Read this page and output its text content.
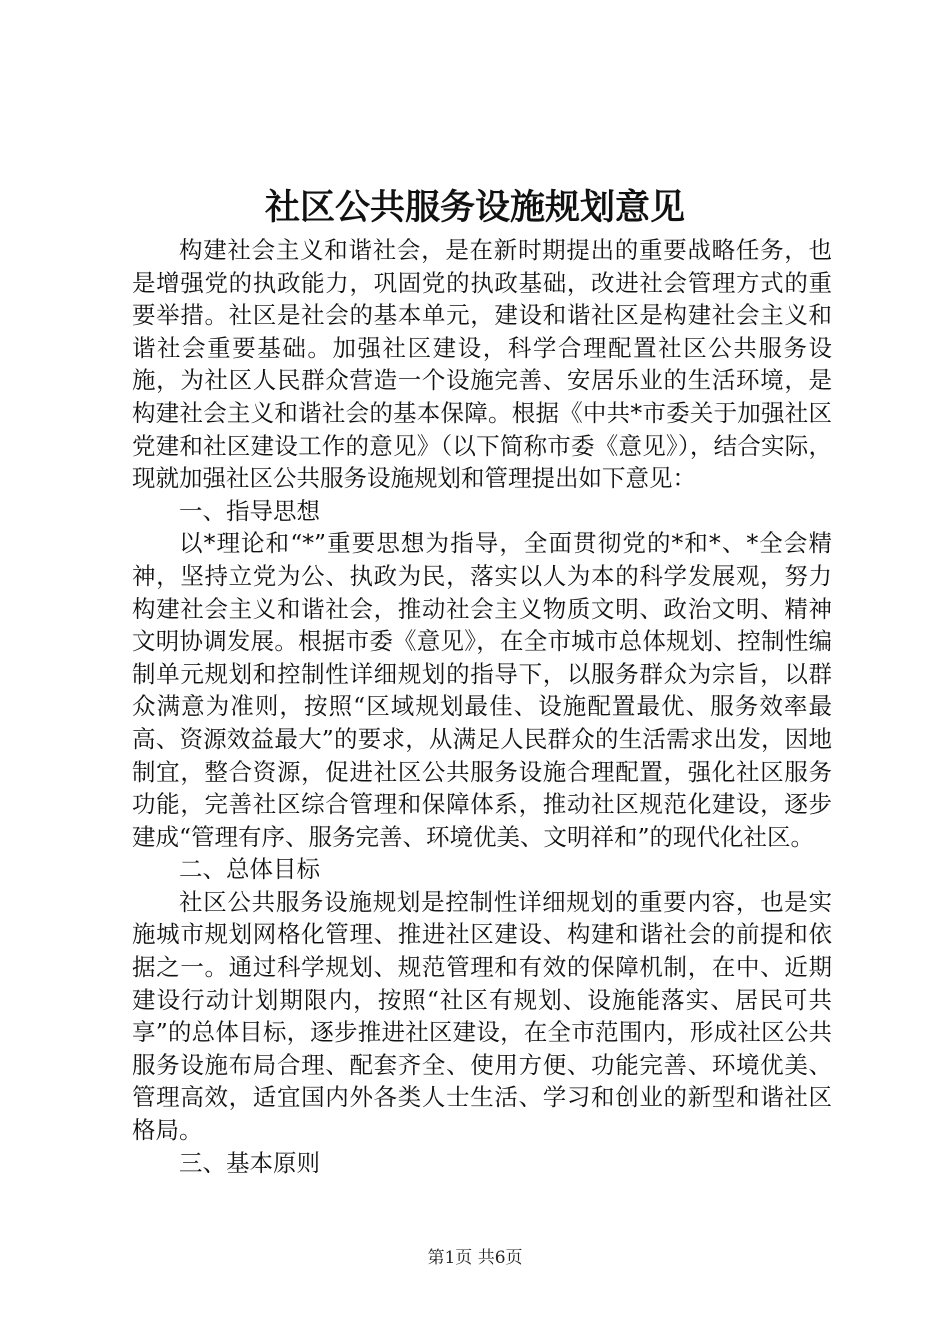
社区公共服务设施规划意见

构建社会主义和谐社会，是在新时期提出的重要战略任务，也是增强党的执政能力，巩固党的执政基础，改进社会管理方式的重要举措。社区是社会的基本单元，建设和谐社区是构建社会主义和谐社会重要基础。加强社区建设，科学合理配置社区公共服务设施，为社区人民群众营造一个设施完善、安居乐业的生活环境，是构建社会主义和谐社会的基本保障。根据《中共*市委关于加强社区党建和社区建设工作的意见》（以下简称市委《意见》），结合实际，现就加强社区公共服务设施规划和管理提出如下意见：

一、指导思想

以*理论和“*”重要思想为指导，全面贯彻党的*和*、*全会精神，坚持立党为公、执政为民，落实以人为本的科学发展观，努力构建社会主义和谐社会，推动社会主义物质文明、政治文明、精神文明协调发展。根据市委《意见》，在全市城市总体规划、控制性编制单元规划和控制性详细规划的指导下，以服务群众为宗旨，以群众满意为准则，按照“区域规划最佳、设施配置最优、服务效率最高、资源效益最大”的要求，从满足人民群众的生活需求出发，因地制宜，整合资源，促进社区公共服务设施合理配置，强化社区服务功能，完善社区综合管理和保障体系，推动社区规范化建设，逐步建成“管理有序、服务完善、环境优美、文明祥和”的现代化社区。

二、总体目标

社区公共服务设施规划是控制性详细规划的重要内容，也是实施城市规划网格化管理、推进社区建设、构建和谐社会的前提和依据之一。通过科学规划、规范管理和有效的保障机制，在中、近期建设行动计划期限内，按照“社区有规划、设施能落实、居民可共享”的总体目标，逐步推进社区建设，在全市范围内，形成社区公共服务设施布局合理、配套齐全、使用方便、功能完善、环境优美、管理高效，适宜国内外各类人士生活、学习和创业的新型和谐社区格局。

三、基本原则

第1页 共6页
